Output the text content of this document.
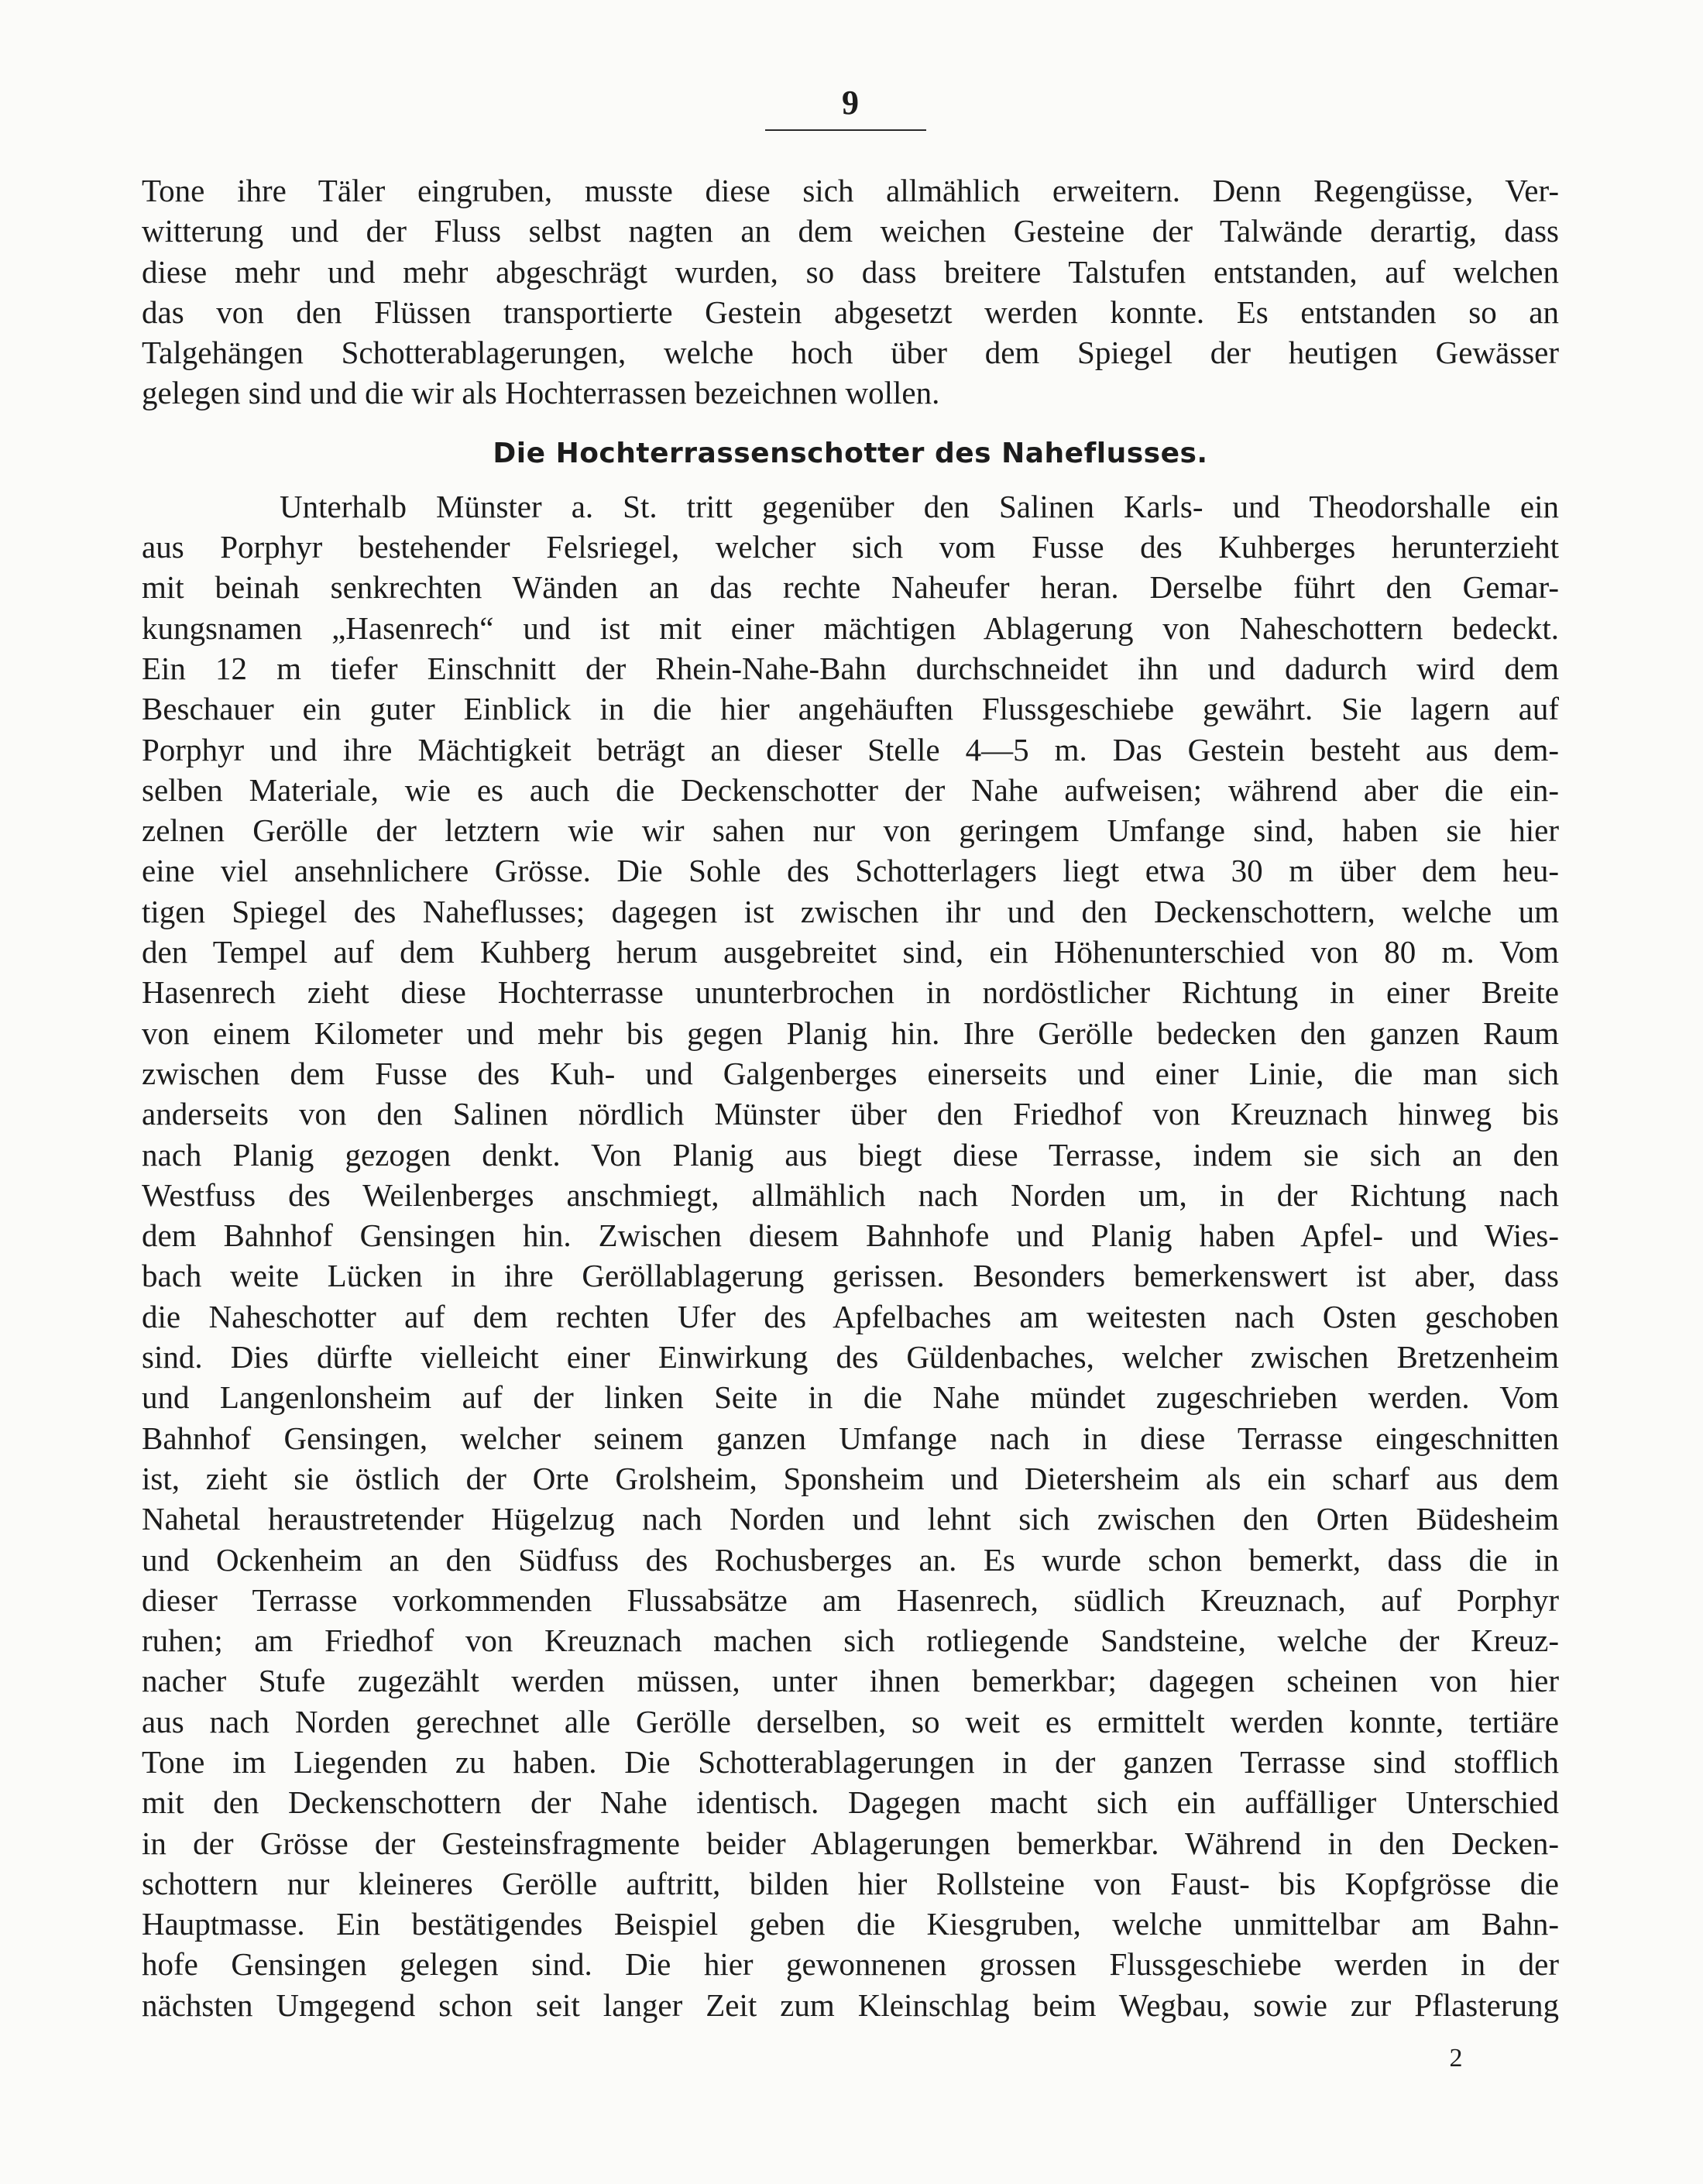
9
Tone ihre Täler eingruben, musste diese sich allmählich erweitern. Denn Regengüsse, Ver-
witterung und der Fluss selbst nagten an dem weichen Gesteine der Talwände derartig, dass
diese mehr und mehr abgeschrägt wurden, so dass breitere Talstufen entstanden, auf welchen
das von den Flüssen transportierte Gestein abgesetzt werden konnte. Es entstanden so an
Talgehängen Schotterablagerungen, welche hoch über dem Spiegel der heutigen Gewässer
gelegen sind und die wir als Hochterrassen bezeichnen wollen.
Die Hochterrassenschotter des Naheflusses.
Unterhalb Münster a. St. tritt gegenüber den Salinen Karls- und Theodorshalle ein
aus Porphyr bestehender Felsriegel, welcher sich vom Fusse des Kuhberges herunterzieht
mit beinah senkrechten Wänden an das rechte Naheufer heran. Derselbe führt den Gemar-
kungsnamen „Hasenrech“ und ist mit einer mächtigen Ablagerung von Naheschottern bedeckt.
Ein 12 m tiefer Einschnitt der Rhein-Nahe-Bahn durchschneidet ihn und dadurch wird dem
Beschauer ein guter Einblick in die hier angehäuften Flussgeschiebe gewährt. Sie lagern auf
Porphyr und ihre Mächtigkeit beträgt an dieser Stelle 4—5 m. Das Gestein besteht aus dem-
selben Materiale, wie es auch die Deckenschotter der Nahe aufweisen; während aber die ein-
zelnen Gerölle der letztern wie wir sahen nur von geringem Umfange sind, haben sie hier
eine viel ansehnlichere Grösse. Die Sohle des Schotterlagers liegt etwa 30 m über dem heu-
tigen Spiegel des Naheflusses; dagegen ist zwischen ihr und den Deckenschottern, welche um
den Tempel auf dem Kuhberg herum ausgebreitet sind, ein Höhenunterschied von 80 m. Vom
Hasenrech zieht diese Hochterrasse ununterbrochen in nordöstlicher Richtung in einer Breite
von einem Kilometer und mehr bis gegen Planig hin. Ihre Gerölle bedecken den ganzen Raum
zwischen dem Fusse des Kuh- und Galgenberges einerseits und einer Linie, die man sich
anderseits von den Salinen nördlich Münster über den Friedhof von Kreuznach hinweg bis
nach Planig gezogen denkt. Von Planig aus biegt diese Terrasse, indem sie sich an den
Westfuss des Weilenberges anschmiegt, allmählich nach Norden um, in der Richtung nach
dem Bahnhof Gensingen hin. Zwischen diesem Bahnhofe und Planig haben Apfel- und Wies-
bach weite Lücken in ihre Geröllablagerung gerissen. Besonders bemerkenswert ist aber, dass
die Naheschotter auf dem rechten Ufer des Apfelbaches am weitesten nach Osten geschoben
sind. Dies dürfte vielleicht einer Einwirkung des Güldenbaches, welcher zwischen Bretzenheim
und Langenlonsheim auf der linken Seite in die Nahe mündet zugeschrieben werden. Vom
Bahnhof Gensingen, welcher seinem ganzen Umfange nach in diese Terrasse eingeschnitten
ist, zieht sie östlich der Orte Grolsheim, Sponsheim und Dietersheim als ein scharf aus dem
Nahetal heraustretender Hügelzug nach Norden und lehnt sich zwischen den Orten Büdesheim
und Ockenheim an den Südfuss des Rochusberges an. Es wurde schon bemerkt, dass die in
dieser Terrasse vorkommenden Flussabsätze am Hasenrech, südlich Kreuznach, auf Porphyr
ruhen; am Friedhof von Kreuznach machen sich rotliegende Sandsteine, welche der Kreuz-
nacher Stufe zugezählt werden müssen, unter ihnen bemerkbar; dagegen scheinen von hier
aus nach Norden gerechnet alle Gerölle derselben, so weit es ermittelt werden konnte, tertiäre
Tone im Liegenden zu haben. Die Schotterablagerungen in der ganzen Terrasse sind stofflich
mit den Deckenschottern der Nahe identisch. Dagegen macht sich ein auffälliger Unterschied
in der Grösse der Gesteinsfragmente beider Ablagerungen bemerkbar. Während in den Decken-
schottern nur kleineres Gerölle auftritt, bilden hier Rollsteine von Faust- bis Kopfgrösse die
Hauptmasse. Ein bestätigendes Beispiel geben die Kiesgruben, welche unmittelbar am Bahn-
hofe Gensingen gelegen sind. Die hier gewonnenen grossen Flussgeschiebe werden in der
nächsten Umgegend schon seit langer Zeit zum Kleinschlag beim Wegbau, sowie zur Pflasterung
2
